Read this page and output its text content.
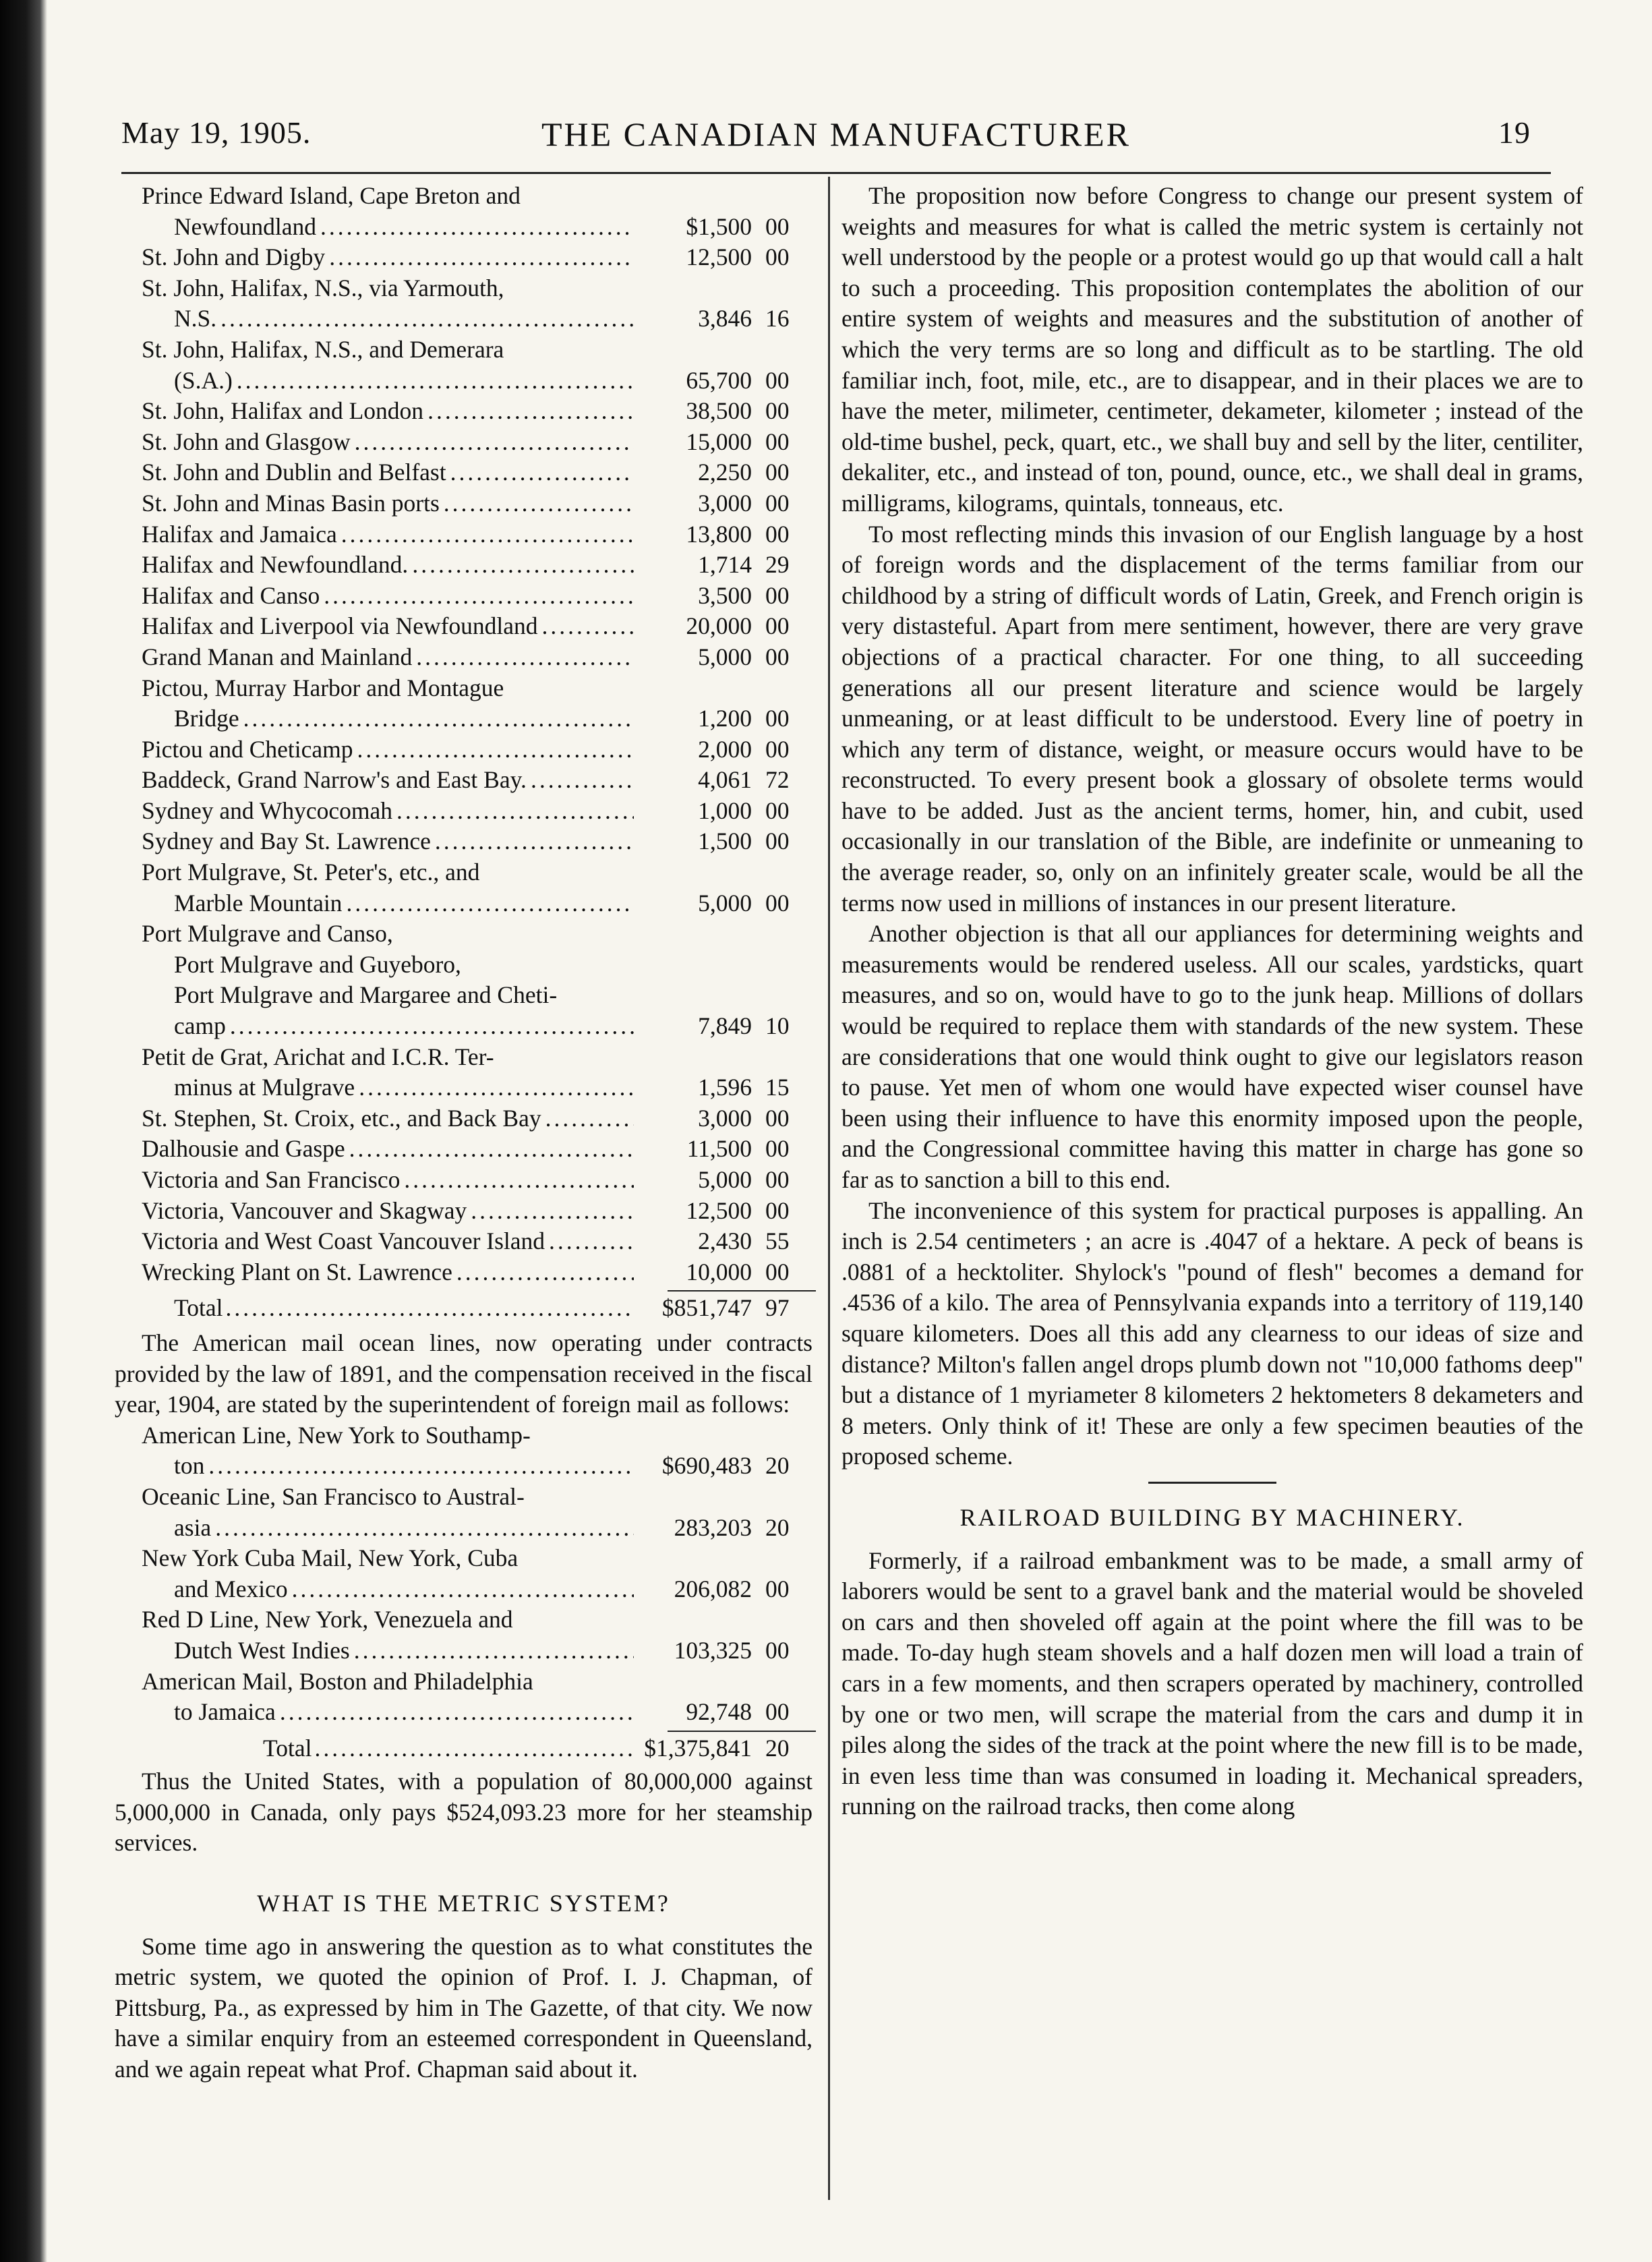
May 19, 1905.	THE CANADIAN MANUFACTURER	19
Prince Edward Island, Cape Breton and
Newfoundland .....	$1,500 00
St. John and Digby .....	12,500 00
St. John, Halifax, N.S., via Yarmouth,
N.S. .....	3,846 16
St. John, Halifax, N.S., and Demerara
(S.A.) .....	65,700 00
St. John, Halifax and London .....	38,500 00
St. John and Glasgow .....	15,000 00
St. John and Dublin and Belfast .....	2,250 00
St. John and Minas Basin ports .....	3,000 00
Halifax and Jamaica .....	13,800 00
Halifax and Newfoundland. .....	1,714 29
Halifax and Canso .....	3,500 00
Halifax and Liverpool via Newfoundland .....	20,000 00
Grand Manan and Mainland .....	5,000 00
Pictou, Murray Harbor and Montague
Bridge .....	1,200 00
Pictou and Cheticamp .....	2,000 00
Baddeck, Grand Narrow's and East Bay. .....	4,061 72
Sydney and Whycocomah .....	1,000 00
Sydney and Bay St. Lawrence .....	1,500 00
Port Mulgrave, St. Peter's, etc., and
Marble Mountain .....	5,000 00
Port Mulgrave and Canso,
Port Mulgrave and Guyeboro,
Port Mulgrave and Margaree and Cheti-
camp .....	7,849 10
Petit de Grat, Arichat and I.C.R. Ter-
minus at Mulgrave .....	1,596 15
St. Stephen, St. Croix, etc., and Back Bay .....	3,000 00
Dalhousie and Gaspe .....	11,500 00
Victoria and San Francisco .....	5,000 00
Victoria, Vancouver and Skagway .....	12,500 00
Victoria and West Coast Vancouver Island .....	2,430 55
Wrecking Plant on St. Lawrence .....	10,000 00
Total .....	$851,747 97

The American mail ocean lines, now operating under contracts provided by the law of 1891, and the compensation received in the fiscal year, 1904, are stated by the superintendent of foreign mail as follows:

American Line, New York to Southamp-
ton .....	$690,483 20
Oceanic Line, San Francisco to Austral-
asia .....	283,203 20
New York Cuba Mail, New York, Cuba
and Mexico .....	206,082 00
Red D Line, New York, Venezuela and
Dutch West Indies .....	103,325 00
American Mail, Boston and Philadelphia
to Jamaica .....	92,748 00
Total .....	$1,375,841 20

Thus the United States, with a population of 80,000,000 against 5,000,000 in Canada, only pays $524,093.23 more for her steamship services.

WHAT IS THE METRIC SYSTEM?

Some time ago in answering the question as to what constitutes the metric system, we quoted the opinion of Prof. I. J. Chapman, of Pittsburg, Pa., as expressed by him in The Gazette, of that city. We now have a similar enquiry from an esteemed correspondent in Queensland, and we again repeat what Prof. Chapman said about it.

The proposition now before Congress to change our present system of weights and measures for what is called the metric system is certainly not well understood by the people or a protest would go up that would call a halt to such a proceeding. This proposition contemplates the abolition of our entire system of weights and measures and the substitution of another of which the very terms are so long and difficult as to be startling. The old familiar inch, foot, mile, etc., are to disappear, and in their places we are to have the meter, milimeter, centimeter, dekameter, kilometer ; instead of the old-time bushel, peck, quart, etc., we shall buy and sell by the liter, centiliter, dekaliter, etc., and instead of ton, pound, ounce, etc., we shall deal in grams, milligrams, kilograms, quintals, tonneaus, etc.

To most reflecting minds this invasion of our English language by a host of foreign words and the displacement of the terms familiar from our childhood by a string of difficult words of Latin, Greek, and French origin is very distasteful. Apart from mere sentiment, however, there are very grave objections of a practical character. For one thing, to all succeeding generations all our present literature and science would be largely unmeaning, or at least difficult to be understood. Every line of poetry in which any term of distance, weight, or measure occurs would have to be reconstructed. To every present book a glossary of obsolete terms would have to be added. Just as the ancient terms, homer, hin, and cubit, used occasionally in our translation of the Bible, are indefinite or unmeaning to the average reader, so, only on an infinitely greater scale, would be all the terms now used in millions of instances in our present literature.

Another objection is that all our appliances for determining weights and measurements would be rendered useless. All our scales, yardsticks, quart measures, and so on, would have to go to the junk heap. Millions of dollars would be required to replace them with standards of the new system. These are considerations that one would think ought to give our legislators reason to pause. Yet men of whom one would have expected wiser counsel have been using their influence to have this enormity imposed upon the people, and the Congressional committee having this matter in charge has gone so far as to sanction a bill to this end.

The inconvenience of this system for practical purposes is appalling. An inch is 2.54 centimeters ; an acre is .4047 of a hektare. A peck of beans is .0881 of a hecktoliter. Shylock's "pound of flesh" becomes a demand for .4536 of a kilo. The area of Pennsylvania expands into a territory of 119,140 square kilometers. Does all this add any clearness to our ideas of size and distance? Milton's fallen angel drops plumb down not "10,000 fathoms deep" but a distance of 1 myriameter 8 kilometers 2 hektometers 8 dekameters and 8 meters. Only think of it! These are only a few specimen beauties of the proposed scheme.

RAILROAD BUILDING BY MACHINERY.

Formerly, if a railroad embankment was to be made, a small army of laborers would be sent to a gravel bank and the material would be shoveled on cars and then shoveled off again at the point where the fill was to be made. To-day hugh steam shovels and a half dozen men will load a train of cars in a few moments, and then scrapers operated by machinery, controlled by one or two men, will scrape the material from the cars and dump it in piles along the sides of the track at the point where the new fill is to be made, in even less time than was consumed in loading it. Mechanical spreaders, running on the railroad tracks, then come along
